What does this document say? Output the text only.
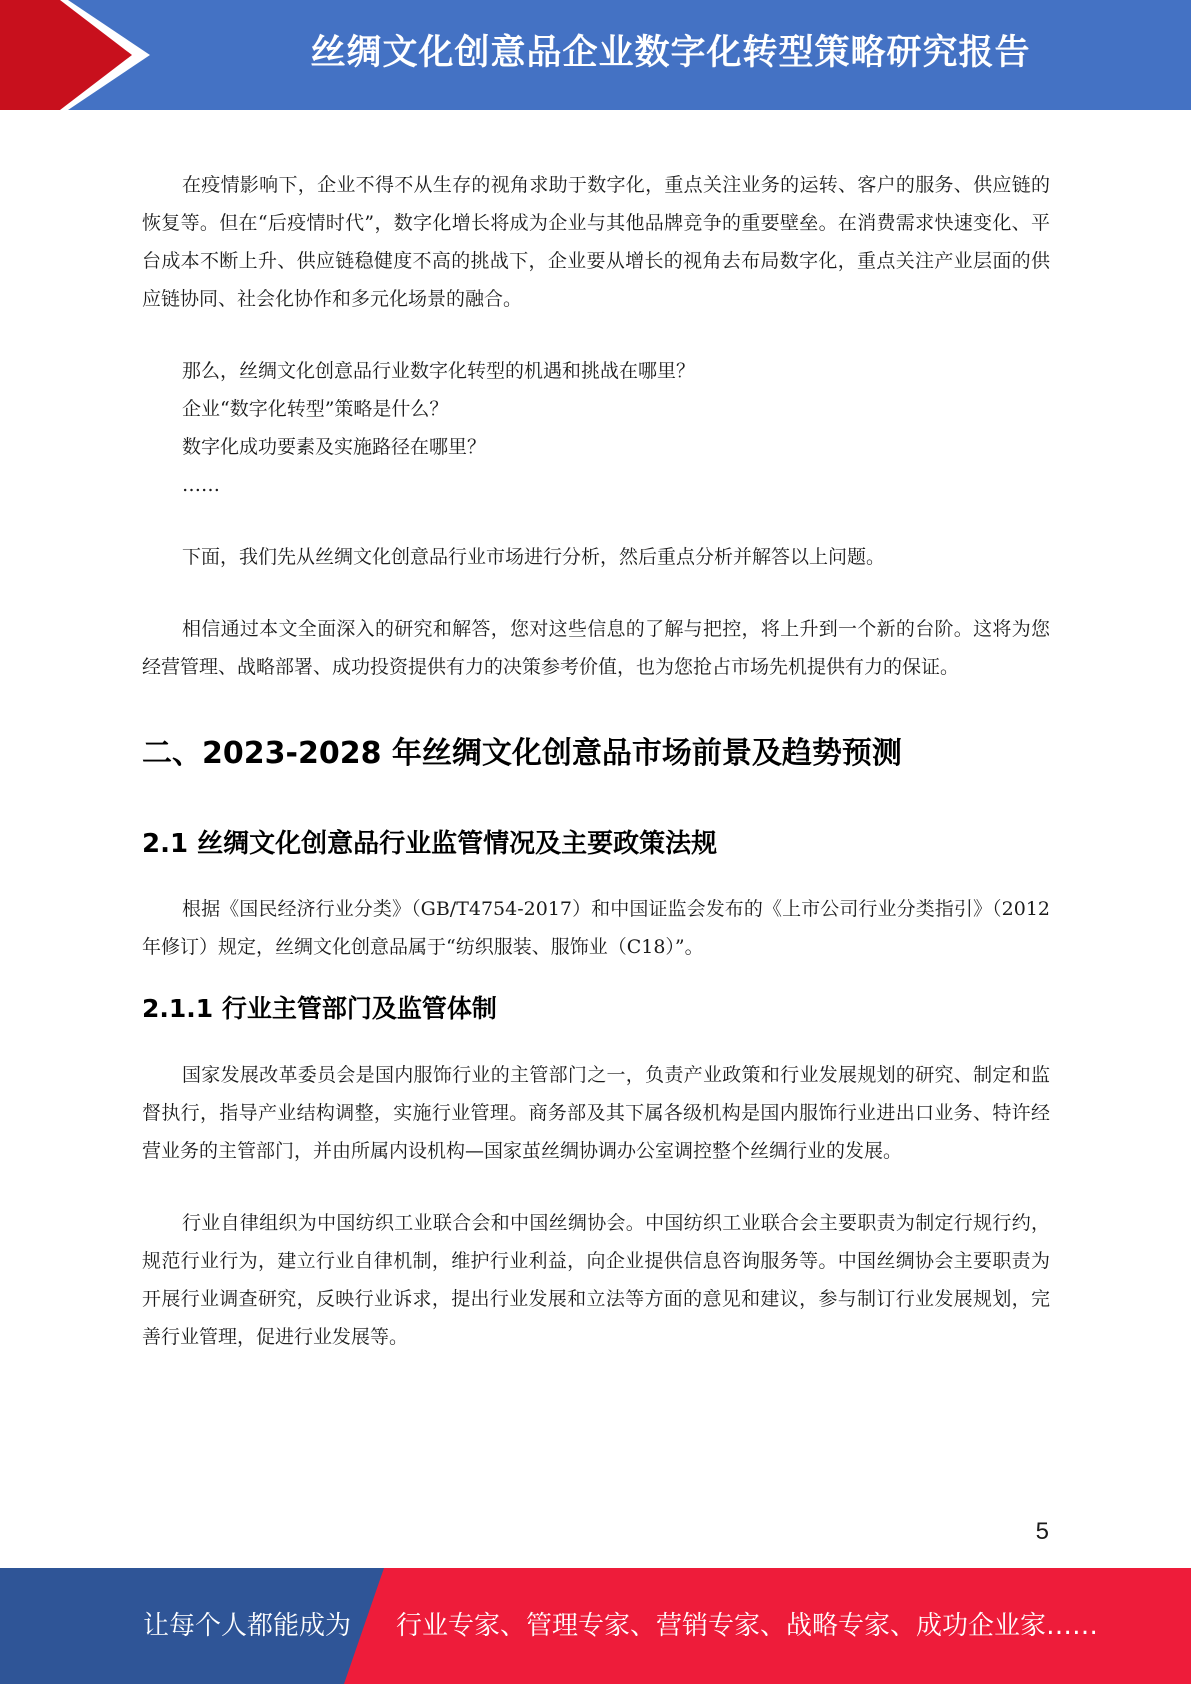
丝绸文化创意品企业数字化转型策略研究报告

在疫情影响下，企业不得不从生存的视角求助于数字化，重点关注业务的运转、客户的服务、供应链的恢复等。但在“后疫情时代”，数字化增长将成为企业与其他品牌竞争的重要壁垒。在消费需求快速变化、平台成本不断上升、供应链稳健度不高的挑战下，企业要从增长的视角去布局数字化，重点关注产业层面的供应链协同、社会化协作和多元化场景的融合。

那么，丝绸文化创意品行业数字化转型的机遇和挑战在哪里？
企业“数字化转型”策略是什么？
数字化成功要素及实施路径在哪里？
……

下面，我们先从丝绸文化创意品行业市场进行分析，然后重点分析并解答以上问题。

相信通过本文全面深入的研究和解答，您对这些信息的了解与把控，将上升到一个新的台阶。这将为您经营管理、战略部署、成功投资提供有力的决策参考价值，也为您抢占市场先机提供有力的保证。

二、2023-2028 年丝绸文化创意品市场前景及趋势预测
2.1 丝绸文化创意品行业监管情况及主要政策法规

根据《国民经济行业分类》（GB/T4754-2017）和中国证监会发布的《上市公司行业分类指引》（2012 年修订）规定，丝绸文化创意品属于“纺织服装、服饰业（C18）”。

2.1.1 行业主管部门及监管体制

国家发展改革委员会是国内服饰行业的主管部门之一，负责产业政策和行业发展规划的研究、制定和监督执行，指导产业结构调整，实施行业管理。商务部及其下属各级机构是国内服饰行业进出口业务、特许经营业务的主管部门，并由所属内设机构—国家茧丝绸协调办公室调控整个丝绸行业的发展。

行业自律组织为中国纺织工业联合会和中国丝绸协会。中国纺织工业联合会主要职责为制定行规行约，规范行业行为，建立行业自律机制，维护行业利益，向企业提供信息咨询服务等。中国丝绸协会主要职责为开展行业调查研究，反映行业诉求，提出行业发展和立法等方面的意见和建议，参与制订行业发展规划，完善行业管理，促进行业发展等。

5
让每个人都能成为 行业专家、管理专家、营销专家、战略专家、成功企业家……
